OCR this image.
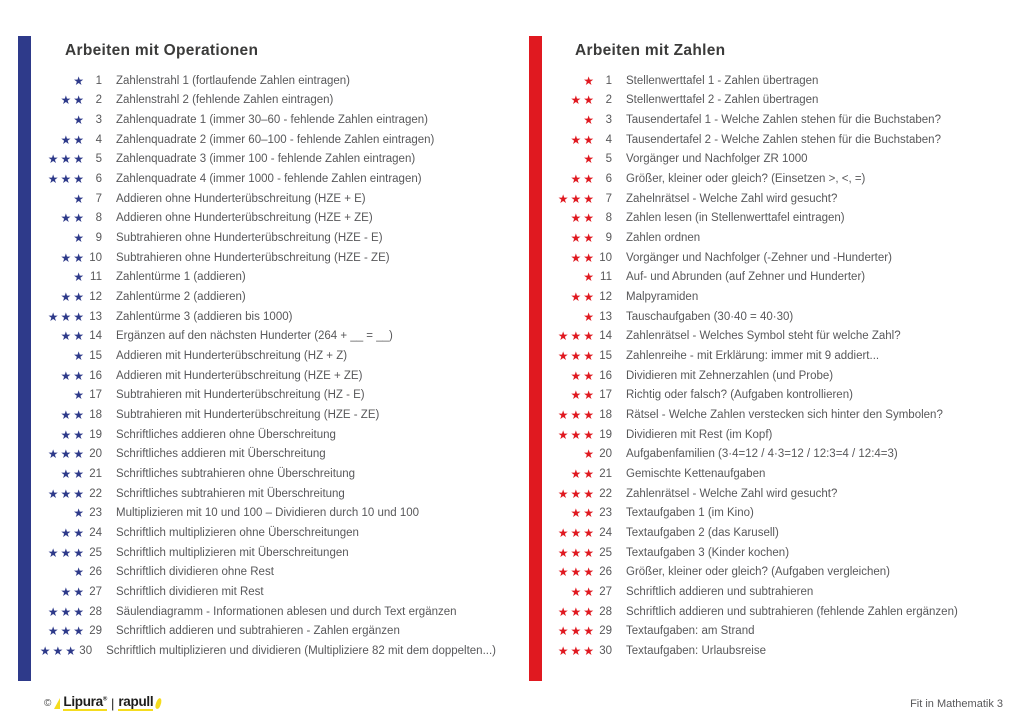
Arbeiten mit Operationen	Arbeiten mit Zahlen
★ 1 Zahlenstrahl 1 (fortlaufende Zahlen eintragen)
★★ 2 Zahlenstrahl 2 (fehlende Zahlen eintragen)
★ 3 Zahlenquadrate 1 (immer 30–60 - fehlende Zahlen eintragen)
★★ 4 Zahlenquadrate 2 (immer 60–100 - fehlende Zahlen eintragen)
★★★ 5 Zahlenquadrate 3 (immer 100 - fehlende Zahlen eintragen)
★★★ 6 Zahlenquadrate 4 (immer 1000 - fehlende Zahlen eintragen)
★ 7 Addieren ohne Hunderterübschreitung (HZE + E)
★★ 8 Addieren ohne Hunderterübschreitung (HZE + ZE)
★ 9 Subtrahieren ohne Hunderterübschreitung (HZE - E)
★★ 10 Subtrahieren ohne Hunderterübschreitung (HZE - ZE)
★ 11 Zahlentürme 1 (addieren)
★★ 12 Zahlentürme 2 (addieren)
★★★ 13 Zahlentürme 3 (addieren bis 1000)
★★ 14 Ergänzen auf den nächsten Hunderter (264 + __ = __)
★ 15 Addieren mit Hunderterübschreitung (HZ + Z)
★★ 16 Addieren mit Hunderterübschreitung (HZE + ZE)
★ 17 Subtrahieren mit Hunderterübschreitung (HZ - E)
★★ 18 Subtrahieren mit Hunderterübschreitung (HZE - ZE)
★★ 19 Schriftliches addieren ohne Überschreitung
★★★ 20 Schriftliches addieren mit Überschreitung
★★ 21 Schriftliches subtrahieren ohne Überschreitung
★★★ 22 Schriftliches subtrahieren mit Überschreitung
★ 23 Multiplizieren mit 10 und 100 – Dividieren durch 10 und 100
★★ 24 Schriftlich multiplizieren ohne Überschreitungen
★★★ 25 Schriftlich multiplizieren mit Überschreitungen
★ 26 Schriftlich dividieren ohne Rest
★★ 27 Schriftlich dividieren mit Rest
★★★ 28 Säulendiagramm - Informationen ablesen und durch Text ergänzen
★★★ 29 Schriftlich addieren und subtrahieren - Zahlen ergänzen
★★★ 30 Schriftlich multiplizieren und dividieren (Multipliziere 82 mit dem doppelten...)
★ 1 Stellenwerttafel 1 - Zahlen übertragen
★★ 2 Stellenwerttafel 2 - Zahlen übertragen
★ 3 Tausendertafel 1 - Welche Zahlen stehen für die Buchstaben?
★★ 4 Tausendertafel 2 - Welche Zahlen stehen für die Buchstaben?
★ 5 Vorgänger und Nachfolger ZR 1000
★★ 6 Größer, kleiner oder gleich? (Einsetzen >, <, =)
★★★ 7 Zahelnrätsel - Welche Zahl wird gesucht?
★★ 8 Zahlen lesen (in Stellenwerttafel eintragen)
★★ 9 Zahlen ordnen
★★ 10 Vorgänger und Nachfolger (-Zehner und -Hunderter)
★ 11 Auf- und Abrunden (auf Zehner und Hunderter)
★★ 12 Malpyramiden
★ 13 Tauschaufgaben (30·40 = 40·30)
★★★ 14 Zahlenrätsel - Welches Symbol steht für welche Zahl?
★★★ 15 Zahlenreihe - mit Erklärung: immer mit 9 addiert...
★★ 16 Dividieren mit Zehnerzahlen (und Probe)
★★ 17 Richtig oder falsch? (Aufgaben kontrollieren)
★★★ 18 Rätsel - Welche Zahlen verstecken sich hinter den Symbolen?
★★★ 19 Dividieren mit Rest (im Kopf)
★ 20 Aufgabenfamilien (3·4=12 / 4·3=12 / 12:3=4 / 12:4=3)
★★ 21 Gemischte Kettenaufgaben
★★★ 22 Zahlenrätsel - Welche Zahl wird gesucht?
★★ 23 Textaufgaben 1 (im Kino)
★★★ 24 Textaufgaben 2 (das Karusell)
★★★ 25 Textaufgaben 3 (Kinder kochen)
★★★ 26 Größer, kleiner oder gleich? (Aufgaben vergleichen)
★★ 27 Schriftlich addieren und subtrahieren
★★★ 28 Schriftlich addieren und subtrahieren (fehlende Zahlen ergänzen)
★★★ 29 Textaufgaben: am Strand
★★★ 30 Textaufgaben: Urlaubsreise
© Lipura® | rapull	Fit in Mathematik 3
